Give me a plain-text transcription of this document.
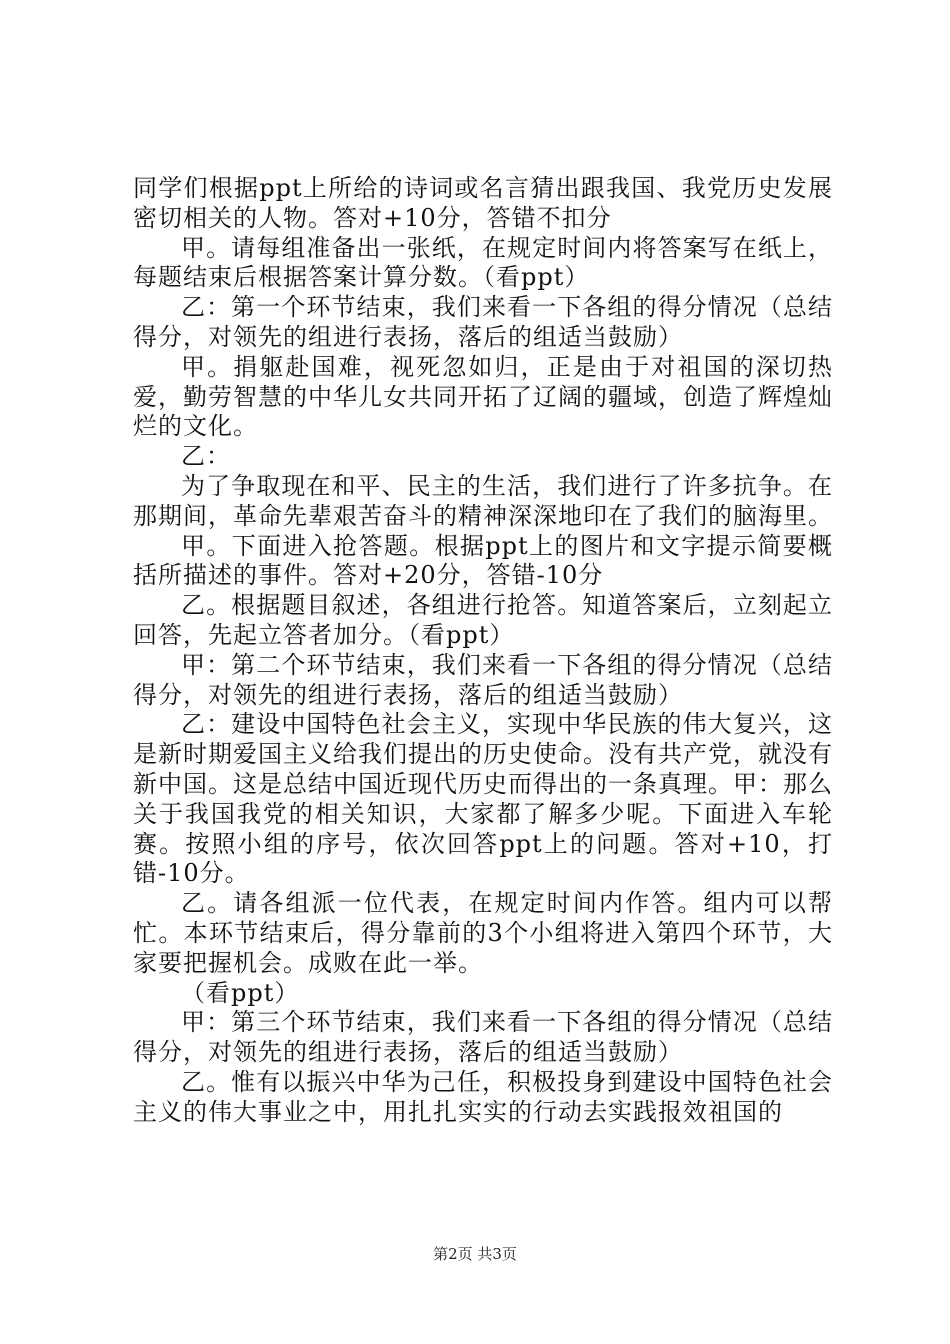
同学们根据ppt上所给的诗词或名言猜出跟我国、我党历史发展密切相关的人物。答对+10分，答错不扣分

甲。请每组准备出一张纸，在规定时间内将答案写在纸上，每题结束后根据答案计算分数。（看ppt）

乙：第一个环节结束，我们来看一下各组的得分情况（总结得分，对领先的组进行表扬，落后的组适当鼓励）

甲。捐躯赴国难，视死忽如归，正是由于对祖国的深切热爱，勤劳智慧的中华儿女共同开拓了辽阔的疆域，创造了辉煌灿烂的文化。

乙：

为了争取现在和平、民主的生活，我们进行了许多抗争。在那期间，革命先辈艰苦奋斗的精神深深地印在了我们的脑海里。

甲。下面进入抢答题。根据ppt上的图片和文字提示简要概括所描述的事件。答对+20分，答错-10分

乙。根据题目叙述，各组进行抢答。知道答案后，立刻起立回答，先起立答者加分。（看ppt）

甲：第二个环节结束，我们来看一下各组的得分情况（总结得分，对领先的组进行表扬，落后的组适当鼓励）

乙：建设中国特色社会主义，实现中华民族的伟大复兴，这是新时期爱国主义给我们提出的历史使命。没有共产党，就没有新中国。这是总结中国近现代历史而得出的一条真理。甲：那么关于我国我党的相关知识，大家都了解多少呢。下面进入车轮赛。按照小组的序号，依次回答ppt上的问题。答对+10，打错-10分。

乙。请各组派一位代表，在规定时间内作答。组内可以帮忙。本环节结束后，得分靠前的3个小组将进入第四个环节，大家要把握机会。成败在此一举。

（看ppt）

甲：第三个环节结束，我们来看一下各组的得分情况（总结得分，对领先的组进行表扬，落后的组适当鼓励）

乙。惟有以振兴中华为己任，积极投身到建设中国特色社会主义的伟大事业之中，用扎扎实实的行动去实践报效祖国的

第2页 共3页
